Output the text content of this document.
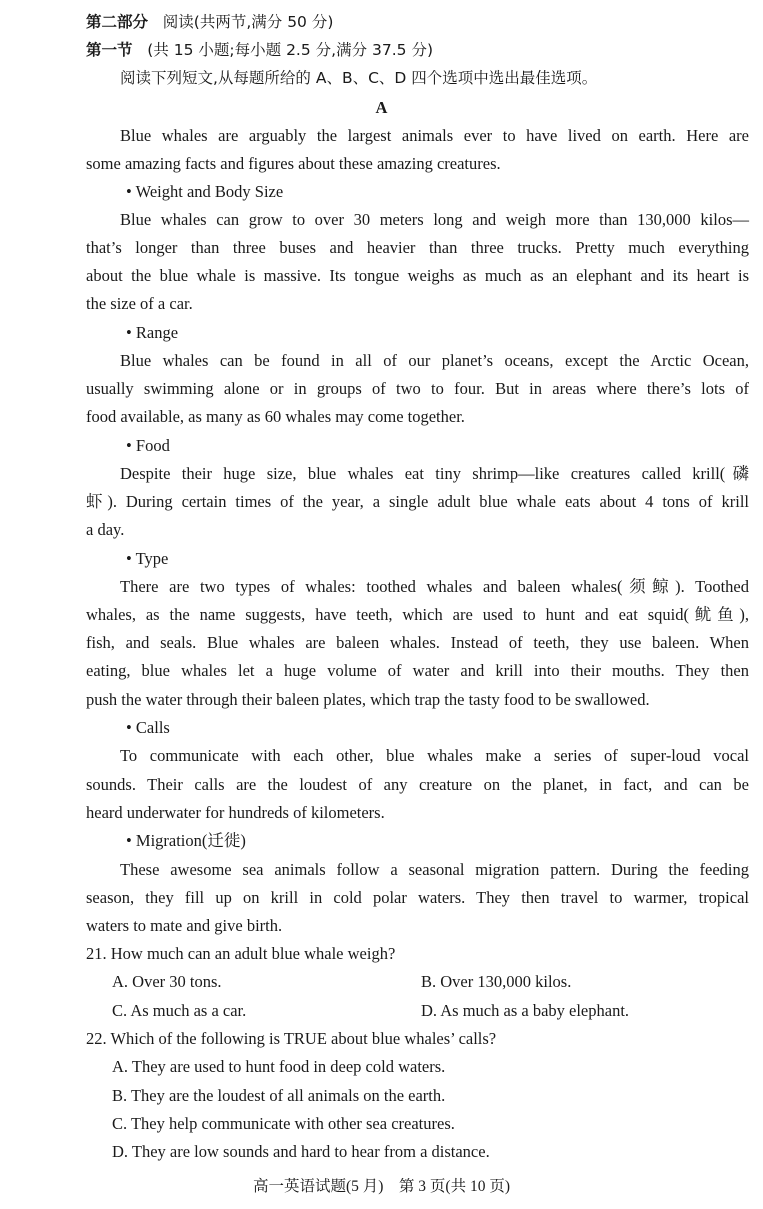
第二部分 阅读(共两节,满分 50 分)
第一节 (共 15 小题;每小题 2.5 分,满分 37.5 分)
阅读下列短文,从每题所给的 A、B、C、D 四个选项中选出最佳选项。
A
Blue whales are arguably the largest animals ever to have lived on earth. Here are
some amazing facts and figures about these amazing creatures.
• Weight and Body Size
Blue whales can grow to over 30 meters long and weigh more than 130,000 kilos—
that’s longer than three buses and heavier than three trucks. Pretty much everything
about the blue whale is massive. Its tongue weighs as much as an elephant and its heart is
the size of a car.
• Range
Blue whales can be found in all of our planet’s oceans, except the Arctic Ocean,
usually swimming alone or in groups of two to four. But in areas where there’s lots of
food available, as many as 60 whales may come together.
• Food
Despite their huge size, blue whales eat tiny shrimp—like creatures called krill(磷
虾). During certain times of the year, a single adult blue whale eats about 4 tons of krill
a day.
• Type
There are two types of whales: toothed whales and baleen whales(须鲸). Toothed
whales, as the name suggests, have teeth, which are used to hunt and eat squid(鱿鱼),
fish, and seals. Blue whales are baleen whales. Instead of teeth, they use baleen. When
eating, blue whales let a huge volume of water and krill into their mouths. They then
push the water through their baleen plates, which trap the tasty food to be swallowed.
• Calls
To communicate with each other, blue whales make a series of super-loud vocal
sounds. Their calls are the loudest of any creature on the planet, in fact, and can be
heard underwater for hundreds of kilometers.
• Migration(迁徙)
These awesome sea animals follow a seasonal migration pattern. During the feeding
season, they fill up on krill in cold polar waters. They then travel to warmer, tropical
waters to mate and give birth.
21. How much can an adult blue whale weigh?
A. Over 30 tons.	B. Over 130,000 kilos.
C. As much as a car.	D. As much as a baby elephant.
22. Which of the following is TRUE about blue whales’ calls?
A. They are used to hunt food in deep cold waters.
B. They are the loudest of all animals on the earth.
C. They help communicate with other sea creatures.
D. They are low sounds and hard to hear from a distance.
高一英语试题(5 月)　第 3 页(共 10 页)
